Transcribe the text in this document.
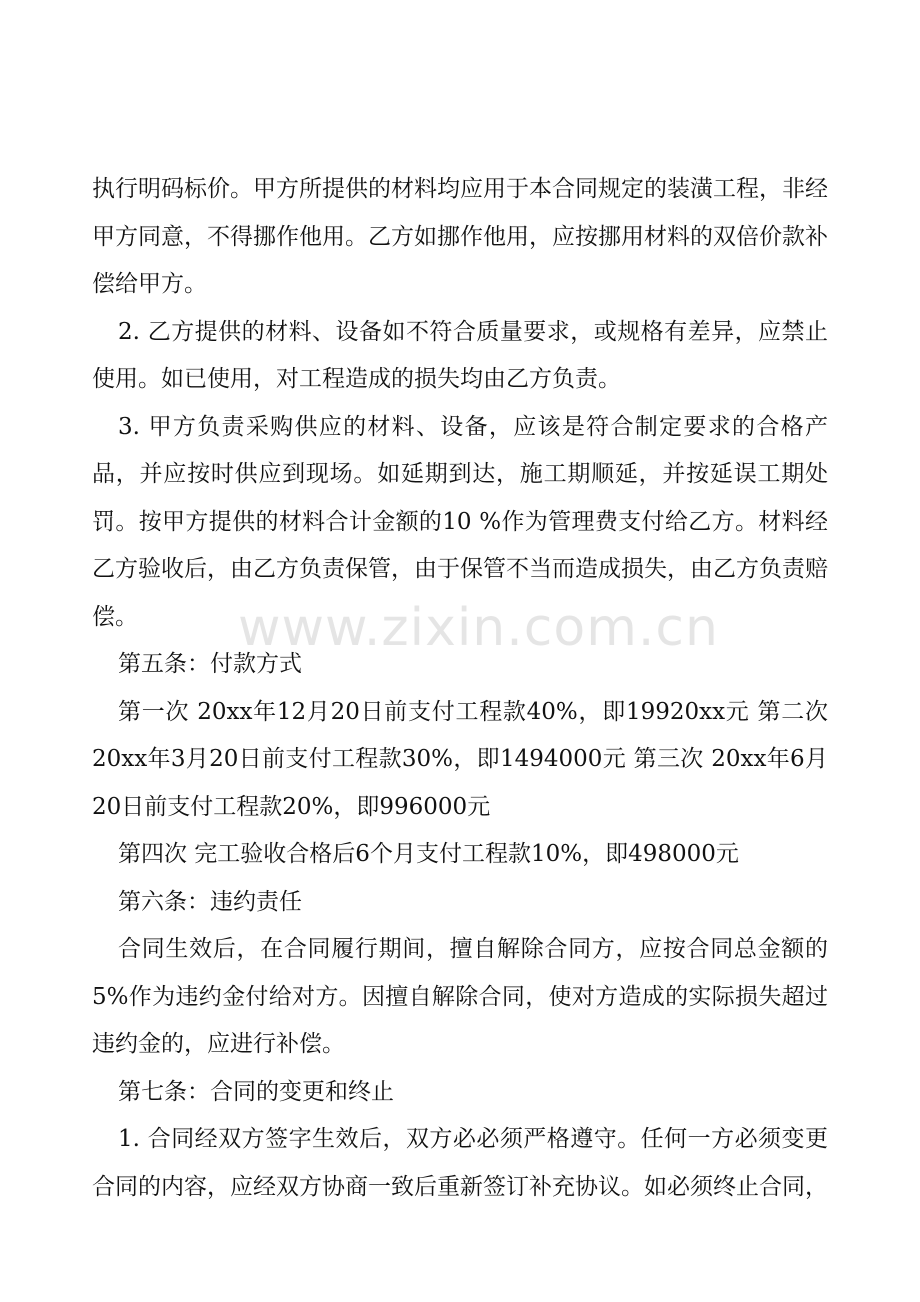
执行明码标价。甲方所提供的材料均应用于本合同规定的装潢工程，非经甲方同意，不得挪作他用。乙方如挪作他用，应按挪用材料的双倍价款补偿给甲方。

2. 乙方提供的材料、设备如不符合质量要求，或规格有差异，应禁止使用。如已使用，对工程造成的损失均由乙方负责。

3. 甲方负责采购供应的材料、设备，应该是符合制定要求的合格产品，并应按时供应到现场。如延期到达，施工期顺延，并按延误工期处罚。按甲方提供的材料合计金额的10 %作为管理费支付给乙方。材料经乙方验收后，由乙方负责保管，由于保管不当而造成损失，由乙方负责赔偿。

第五条：付款方式

第一次 20xx年12月20日前支付工程款40%，即19920xx元 第二次 20xx年3月20日前支付工程款30%，即1494000元 第三次 20xx年6月20日前支付工程款20%，即996000元

第四次 完工验收合格后6个月支付工程款10%，即498000元

第六条：违约责任

合同生效后，在合同履行期间，擅自解除合同方，应按合同总金额的 5%作为违约金付给对方。因擅自解除合同，使对方造成的实际损失超过违约金的，应进行补偿。

第七条：合同的变更和终止

1. 合同经双方签字生效后，双方必必须严格遵守。任何一方必须变更合同的内容，应经双方协商一致后重新签订补充协议。如必须终止合同，

www.zixin.com.cn
